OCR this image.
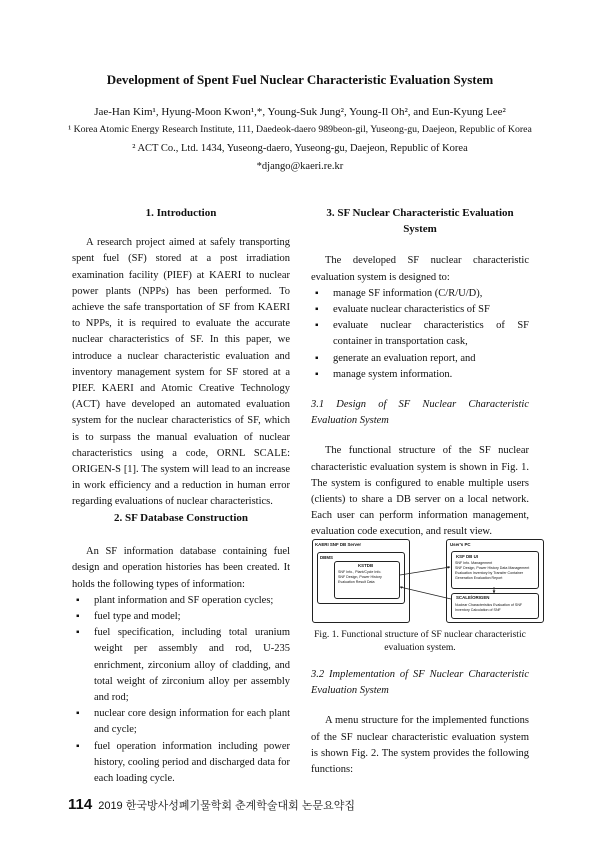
Development of Spent Fuel Nuclear Characteristic Evaluation System
Jae-Han Kim¹, Hyung-Moon Kwon¹,*, Young-Suk Jung², Young-Il Oh², and Eun-Kyung Lee²
¹ Korea Atomic Energy Research Institute, 111, Daedeok-daero 989beon-gil, Yuseong-gu, Daejeon, Republic of Korea
² ACT Co., Ltd. 1434, Yuseong-daero, Yuseong-gu, Daejeon, Republic of Korea
*django@kaeri.re.kr
1. Introduction

A research project aimed at safely transporting spent fuel (SF) stored at a post irradiation examination facility (PIEF) at KAERI to nuclear power plants (NPPs) has been performed. To achieve the safe transportation of SF from KAERI to NPPs, it is required to evaluate the accurate nuclear characteristics of SF. In this paper, we introduce a nuclear characteristic evaluation and inventory management system for SF stored at a PIEF. KAERI and Atomic Creative Technology (ACT) have developed an automated evaluation system for the nuclear characteristics of SF, which is to surpass the manual evaluation of nuclear characteristics using a code, ORNL SCALE: ORIGEN-S [1]. The system will lead to an increase in work efficiency and a reduction in human error regarding evaluations of nuclear characteristics.

2. SF Database Construction

An SF information database containing fuel design and operation histories has been created. It holds the following types of information:

▪ plant information and SF operation cycles;
▪ fuel type and model;
▪ fuel specification, including total uranium weight per assembly and rod, U-235 enrichment, zirconium alloy of cladding, and total weight of zirconium alloy per assembly and rod;
▪ nuclear core design information for each plant and cycle;
▪ fuel operation information including power history, cooling period and discharged data for each loading cycle.
3. SF Nuclear Characteristic Evaluation
System

The developed SF nuclear characteristic evaluation system is designed to:

▪ manage SF information (C/R/U/D),
▪ evaluate nuclear characteristics of SF
▪ evaluate nuclear characteristics of SF container in transportation cask,
▪ generate an evaluation report, and
▪ manage system information.

3.1 Design of SF Nuclear Characteristic Evaluation System

The functional structure of the SF nuclear characteristic evaluation system is shown in Fig. 1. The system is configured to enable multiple users (clients) to share a DB server on a local network. Each user can perform information management, evaluation code execution, and result view.

KAERI SNF DB Server
DBMS
KSTDB
SNF Info., Plant/Cycle Info.
SNF Design, Power History
Evaluation Result Data
User's PC
KSF DB UI
SNF Info. Management
SNF Design, Power History Data Management
Evaluation Inventory by Transfer Container
Generation Evaluation Report
SCALE/ORIGEN
Nuclear Characteristics Evaluation of SNF
Inventory Calculation of SNF
Fig. 1. Functional structure of SF nuclear characteristic evaluation system.

3.2 Implementation of SF Nuclear Characteristic Evaluation System

A menu structure for the implemented functions of the SF nuclear characteristic evaluation system is shown Fig. 2. The system provides the following functions:

114 2019 한국방사성폐기물학회 춘계학술대회 논문요약집
